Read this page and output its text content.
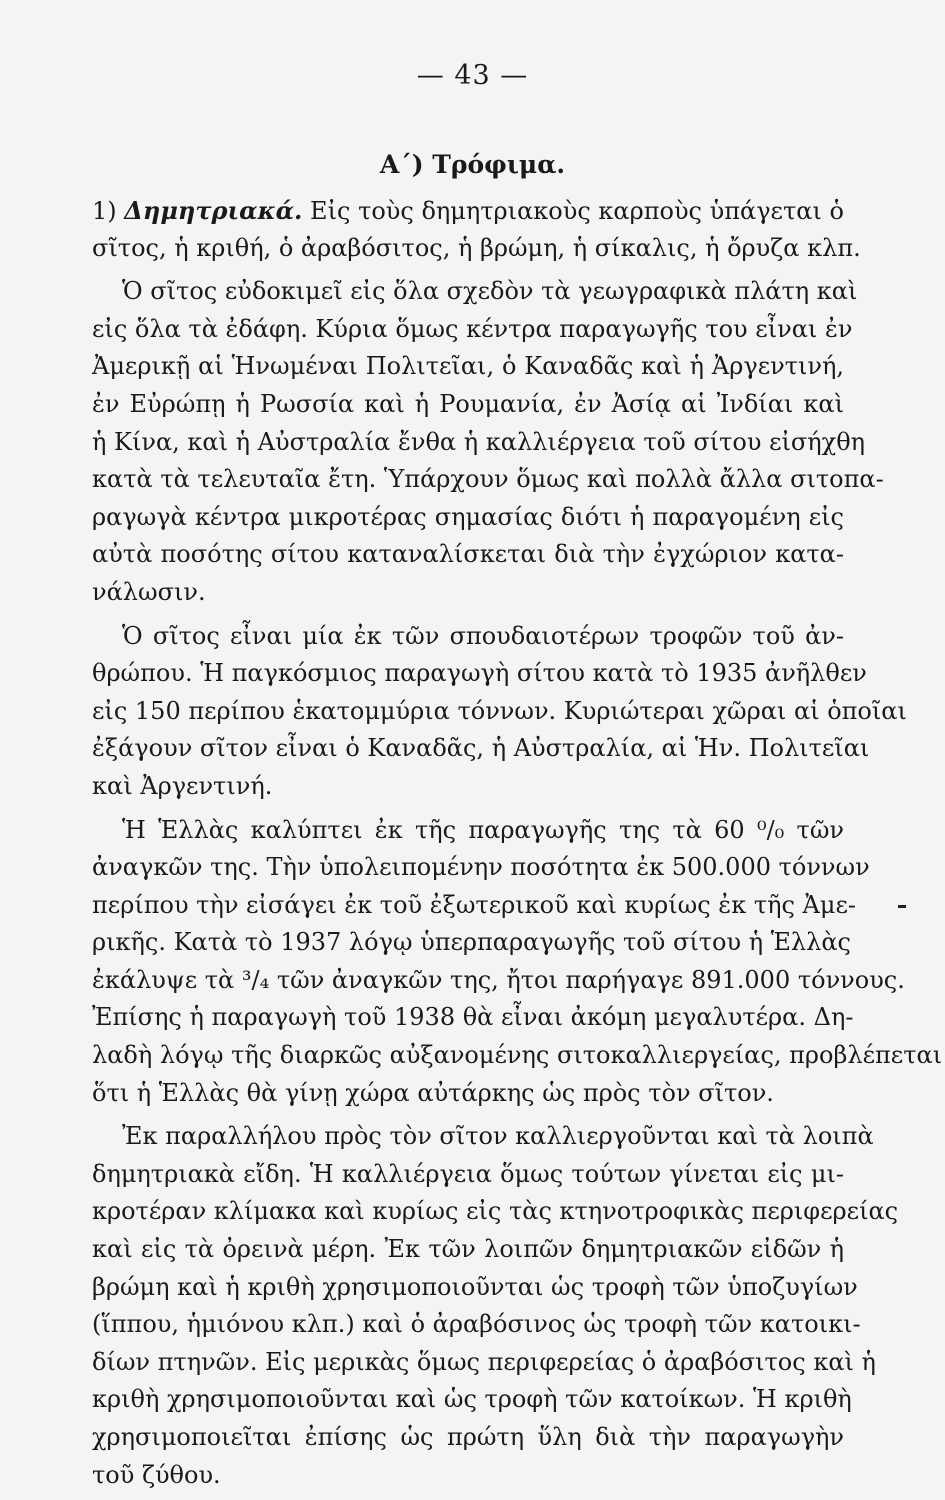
— 43 —
Α΄) Τρόφιμα.
1) Δημητριακά. Εἰς τοὺς δημητριακοὺς καρποὺς ὑπάγεται ὁ
σῖτος, ἡ κριθή, ὁ ἀραβόσιτος, ἡ βρώμη, ἡ σίκαλις, ἡ ὄρυζα κλπ.
Ὁ σῖτος εὐδοκιμεῖ εἰς ὅλα σχεδὸν τὰ γεωγραφικὰ πλάτη καὶ
εἰς ὅλα τὰ ἐδάφη. Κύρια ὅμως κέντρα παραγωγῆς του εἶναι ἐν
Ἀμερικῇ αἱ Ἡνωμέναι Πολιτεῖαι, ὁ Καναδᾶς καὶ ἡ Ἀργεντινή,
ἐν Εὐρώπῃ ἡ Ρωσσία καὶ ἡ Ρουμανία, ἐν Ἀσίᾳ αἱ Ἰνδίαι καὶ
ἡ Κίνα, καὶ ἡ Αὐστραλία ἔνθα ἡ καλλιέργεια τοῦ σίτου εἰσήχθη
κατὰ τὰ τελευταῖα ἔτη. Ὑπάρχουν ὅμως καὶ πολλὰ ἄλλα σιτοπα-
ραγωγὰ κέντρα μικροτέρας σημασίας διότι ἡ παραγομένη εἰς
αὐτὰ ποσότης σίτου καταναλίσκεται διὰ τὴν ἐγχώριον κατα-
νάλωσιν.
Ὁ σῖτος εἶναι μία ἐκ τῶν σπουδαιοτέρων τροφῶν τοῦ ἀν-
θρώπου. Ἡ παγκόσμιος παραγωγὴ σίτου κατὰ τὸ 1935 ἀνῆλθεν
εἰς 150 περίπου ἑκατομμύρια τόννων. Κυριώτεραι χῶραι αἱ ὁποῖαι
ἐξάγουν σῖτον εἶναι ὁ Καναδᾶς, ἡ Αὐστραλία, αἱ Ἡν. Πολιτεῖαι
καὶ Ἀργεντινή.
Ἡ Ἑλλὰς καλύπτει ἐκ τῆς παραγωγῆς της τὰ 60 ⁰/₀ τῶν
ἀναγκῶν της. Τὴν ὑπολειπομένην ποσότητα ἐκ 500.000 τόννων
περίπου τὴν εἰσάγει ἐκ τοῦ ἐξωτερικοῦ καὶ κυρίως ἐκ τῆς Ἀμε-
ρικῆς. Κατὰ τὸ 1937 λόγῳ ὑπερπαραγωγῆς τοῦ σίτου ἡ Ἑλλὰς
ἐκάλυψε τὰ ³/₄ τῶν ἀναγκῶν της, ἤτοι παρήγαγε 891.000 τόννους.
Ἐπίσης ἡ παραγωγὴ τοῦ 1938 θὰ εἶναι ἀκόμη μεγαλυτέρα. Δη-
λαδὴ λόγῳ τῆς διαρκῶς αὐξανομένης σιτοκαλλιεργείας, προβλέπεται
ὅτι ἡ Ἑλλὰς θὰ γίνῃ χώρα αὐτάρκης ὡς πρὸς τὸν σῖτον.
Ἐκ παραλλήλου πρὸς τὸν σῖτον καλλιεργοῦνται καὶ τὰ λοιπὰ
δημητριακὰ εἴδη. Ἡ καλλιέργεια ὅμως τούτων γίνεται εἰς μι-
κροτέραν κλίμακα καὶ κυρίως εἰς τὰς κτηνοτροφικὰς περιφερείας
καὶ εἰς τὰ ὀρεινὰ μέρη. Ἐκ τῶν λοιπῶν δημητριακῶν εἰδῶν ἡ
βρώμη καὶ ἡ κριθὴ χρησιμοποιοῦνται ὡς τροφὴ τῶν ὑποζυγίων
(ἵππου, ἡμιόνου κλπ.) καὶ ὁ ἀραβόσινος ὡς τροφὴ τῶν κατοικι-
δίων πτηνῶν. Εἰς μερικὰς ὅμως περιφερείας ὁ ἀραβόσιτος καὶ ἡ
κριθὴ χρησιμοποιοῦνται καὶ ὡς τροφὴ τῶν κατοίκων. Ἡ κριθὴ
χρησιμοποιεῖται ἐπίσης ὡς πρώτη ὕλη διὰ τὴν παραγωγὴν
τοῦ ζύθου.
